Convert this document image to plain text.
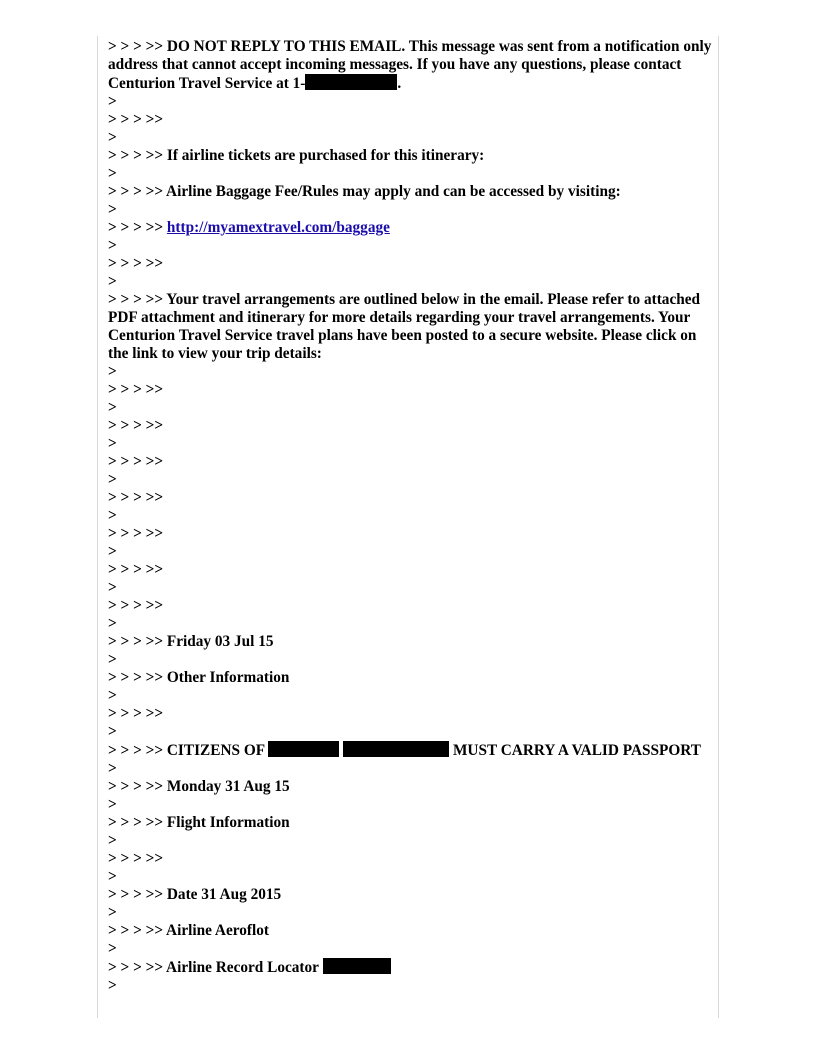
> > > >> DO NOT REPLY TO THIS EMAIL. This message was sent from a notification only address that cannot accept incoming messages. If you have any questions, please contact Centurion Travel Service at 1-	.

>

> > > >>

>

> > > >> If airline tickets are purchased for this itinerary:

>

> > > >> Airline Baggage Fee/Rules may apply and can be accessed by visiting:

>

> > > >> http://myamextravel.com/baggage

>

> > > >>

>

> > > >> Your travel arrangements are outlined below in the email. Please refer to attached PDF attachment and itinerary for more details regarding your travel arrangements. Your Centurion Travel Service travel plans have been posted to a secure website. Please click on the link to view your trip details:

>

> > > >>

>

> > > >>

>

> > > >>

>

> > > >>

>

> > > >>

>

> > > >>

>

> > > >>

>

> > > >> Friday 03 Jul 15

>

> > > >> Other Information

>

> > > >>

>

> > > >> CITIZENS OF	MUST CARRY A VALID PASSPORT

>

> > > >> Monday 31 Aug 15

>

> > > >> Flight Information

>

> > > >>

>

> > > >> Date 31 Aug 2015

>

> > > >> Airline Aeroflot

>

> > > >> Airline Record Locator

>
